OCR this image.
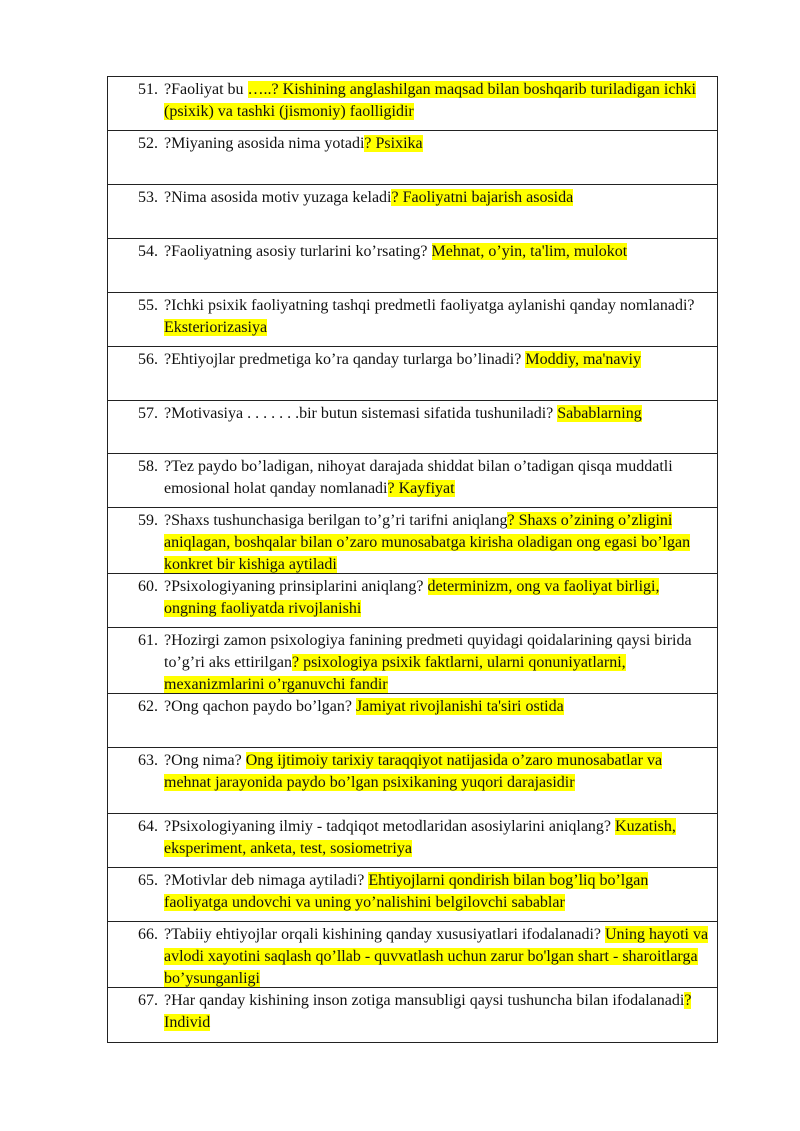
51. ?Faoliyat bu …..? Kishining anglashilgan maqsad bilan boshqarib turiladigan ichki (psixik) va tashki (jismoniy) faolligidir
52. ?Miyaning asosida nima yotadi? Psixika
53. ?Nima asosida motiv yuzaga keladi? Faoliyatni bajarish asosida
54. ?Faoliyatning asosiy turlarini ko’rsating? Mehnat, o’yin, ta'lim, mulokot
55. ?Ichki psixik faoliyatning tashqi predmetli faoliyatga aylanishi qanday nomlanadi? Eksteriorizasiya
56. ?Ehtiyojlar predmetiga ko’ra qanday turlarga bo’linadi? Moddiy, ma'naviy
57. ?Motivasiya . . . . . . .bir butun sistemasi sifatida tushuniladi? Sabablarning
58. ?Tez paydo bo’ladigan, nihoyat darajada shiddat bilan o’tadigan qisqa muddatli emosional holat qanday nomlanadi? Kayfiyat
59. ?Shaxs tushunchasiga berilgan to’g’ri tarifni aniqlang? Shaxs o’zining o’zligini aniqlagan, boshqalar bilan o’zaro munosabatga kirisha oladigan ong egasi bo’lgan konkret bir kishiga aytiladi
60. ?Psixologiyaning prinsiplarini aniqlang? determinizm, ong va faoliyat birligi, ongning faoliyatda rivojlanishi
61. ?Hozirgi zamon psixologiya fanining predmeti quyidagi qoidalarining qaysi birida to’g’ri aks ettirilgan? psixologiya psixik faktlarni, ularni qonuniyatlarni, mexanizmlarini o’rganuvchi fandir
62. ?Ong qachon paydo bo’lgan? Jamiyat rivojlanishi ta'siri ostida
63. ?Ong nima? Ong ijtimoiy tarixiy taraqqiyot natijasida o’zaro munosabatlar va mehnat jarayonida paydo bo’lgan psixikaning yuqori darajasidir
64. ?Psixologiyaning ilmiy - tadqiqot metodlaridan asosiylarini aniqlang? Kuzatish, eksperiment, anketa, test, sosiometriya
65. ?Motivlar deb nimaga aytiladi? Ehtiyojlarni qondirish bilan bog’liq bo’lgan faoliyatga undovchi va uning yo’nalishini belgilovchi sabablar
66. ?Tabiiy ehtiyojlar orqali kishining qanday xususiyatlari ifodalanadi? Uning hayoti va avlodi xayotini saqlash qo’llab - quvvatlash uchun zarur bo'lgan shart - sharoitlarga bo’ysunganligi
67. ?Har qanday kishining inson zotiga mansubligi qaysi tushuncha bilan ifodalanadi? Individ
